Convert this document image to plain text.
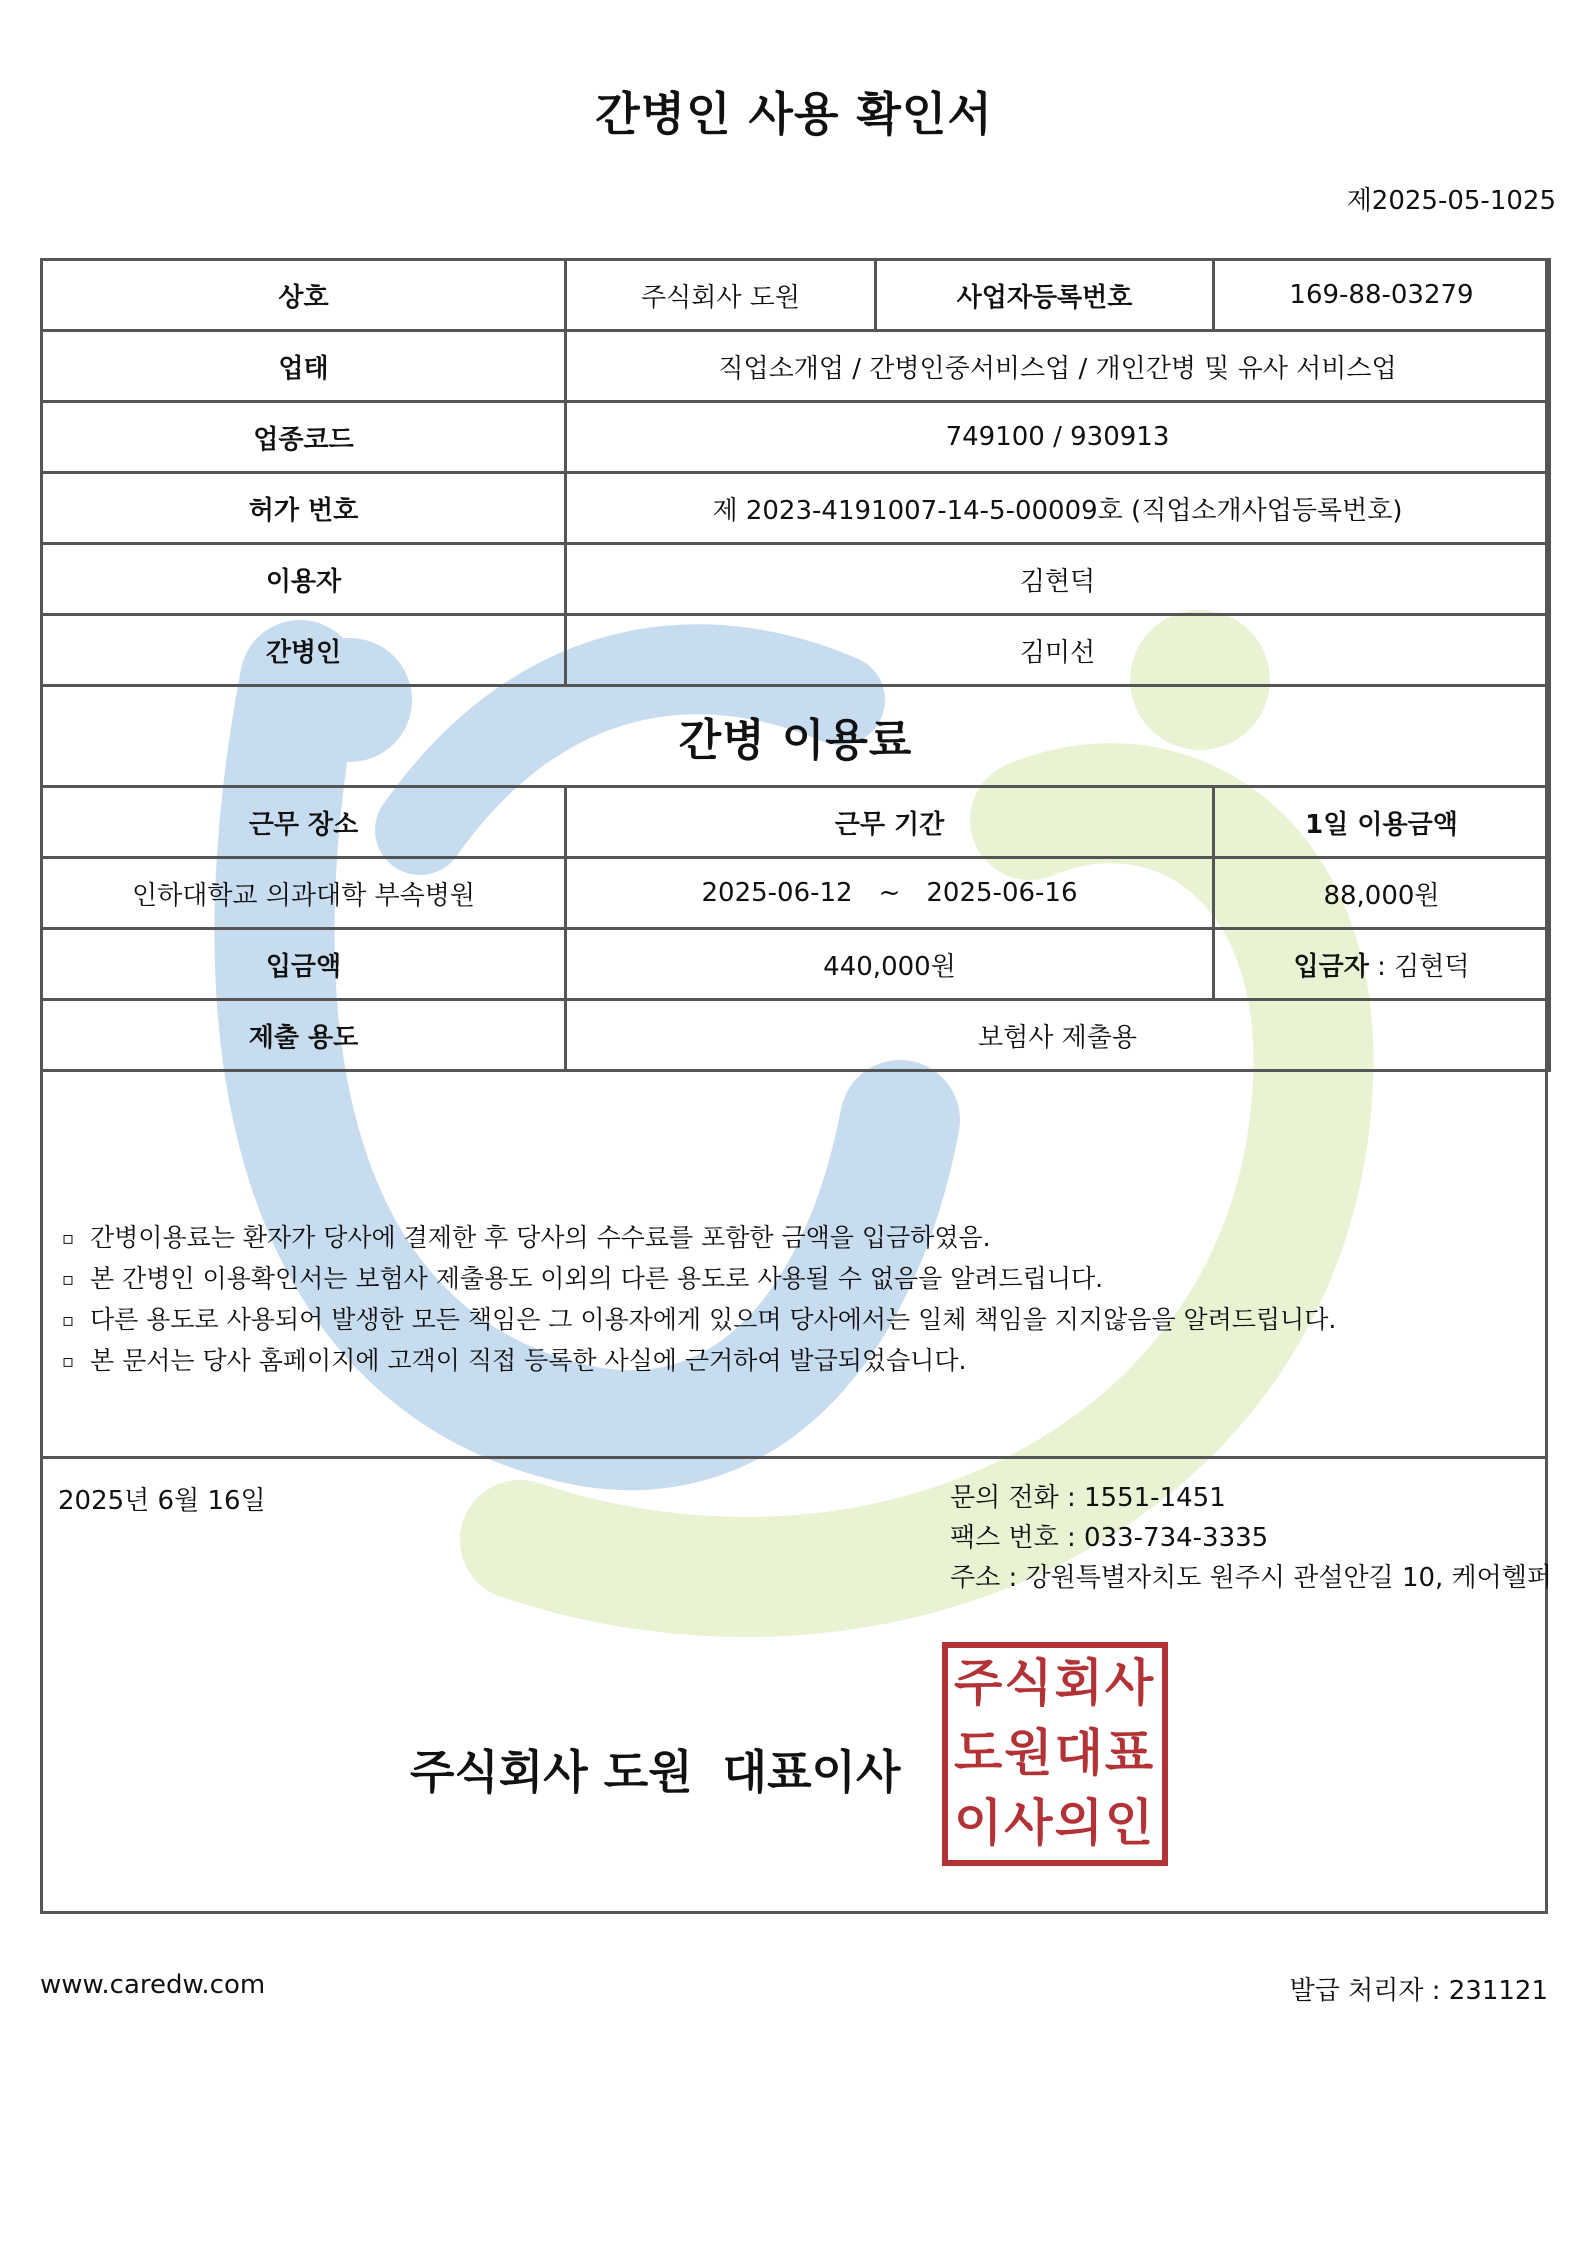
간병인 사용 확인서
제2025-05-1025
상호	주식회사 도원	사업자등록번호	169-88-03279
업태	직업소개업 / 간병인중서비스업 / 개인간병 및 유사 서비스업		
업종코드	749100 / 930913		
허가 번호	제 2023-4191007-14-5-00009호 (직업소개사업등록번호)		
이용자	김현덕		
간병인	김미선		
간병 이용료			
근무 장소	근무 기간		1일 이용금액
인하대학교 의과대학 부속병원	2025-06-12 ~ 2025-06-16		88,000원
입금액	440,000원		입금자 : 김현덕
제출 용도	보험사 제출용		
▫ 간병이용료는 환자가 당사에 결제한 후 당사의 수수료를 포함한 금액을 입금하였음.
▫ 본 간병인 이용확인서는 보험사 제출용도 이외의 다른 용도로 사용될 수 없음을 알려드립니다.
▫ 다른 용도로 사용되어 발생한 모든 책임은 그 이용자에게 있으며 당사에서는 일체 책임을 지지않음을 알려드립니다.
▫ 본 문서는 당사 홈페이지에 고객이 직접 등록한 사실에 근거하여 발급되었습니다.
2025년 6월 16일	문의 전화 : 1551-1451
팩스 번호 : 033-734-3335
주소 : 강원특별자치도 원주시 관설안길 10, 케어헬퍼
주식회사 도원 대표이사
주식회사
도원대표
이사의인
www.caredw.com	발급 처리자 : 231121
